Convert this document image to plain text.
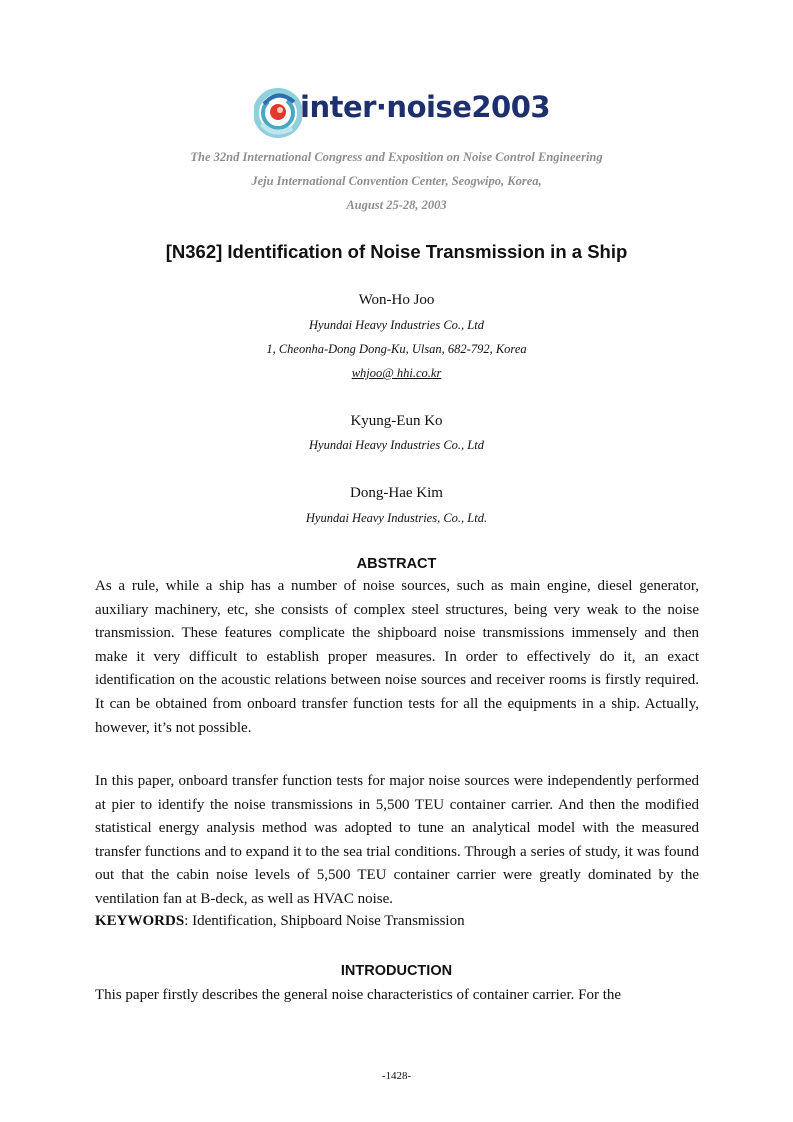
inter·noise2003
The 32nd International Congress and Exposition on Noise Control Engineering
Jeju International Convention Center, Seogwipo, Korea,
August 25-28, 2003
[N362] Identification of Noise Transmission in a Ship
Won-Ho Joo
Hyundai Heavy Industries Co., Ltd
1, Cheonha-Dong Dong-Ku, Ulsan, 682-792, Korea
whjoo@ hhi.co.kr
Kyung-Eun Ko
Hyundai Heavy Industries Co., Ltd
Dong-Hae Kim
Hyundai Heavy Industries, Co., Ltd.
ABSTRACT

As a rule, while a ship has a number of noise sources, such as main engine, diesel generator, auxiliary machinery, etc, she consists of complex steel structures, being very weak to the noise transmission. These features complicate the shipboard noise transmissions immensely and then make it very difficult to establish proper measures. In order to effectively do it, an exact identification on the acoustic relations between noise sources and receiver rooms is firstly required. It can be obtained from onboard transfer function tests for all the equipments in a ship. Actually, however, it’s not possible.

In this paper, onboard transfer function tests for major noise sources were independently performed at pier to identify the noise transmissions in 5,500 TEU container carrier. And then the modified statistical energy analysis method was adopted to tune an analytical model with the measured transfer functions and to expand it to the sea trial conditions. Through a series of study, it was found out that the cabin noise levels of 5,500 TEU container carrier were greatly dominated by the ventilation fan at B-deck, as well as HVAC noise.

KEYWORDS: Identification, Shipboard Noise Transmission
INTRODUCTION

This paper firstly describes the general noise characteristics of container carrier. For the

-1428-
